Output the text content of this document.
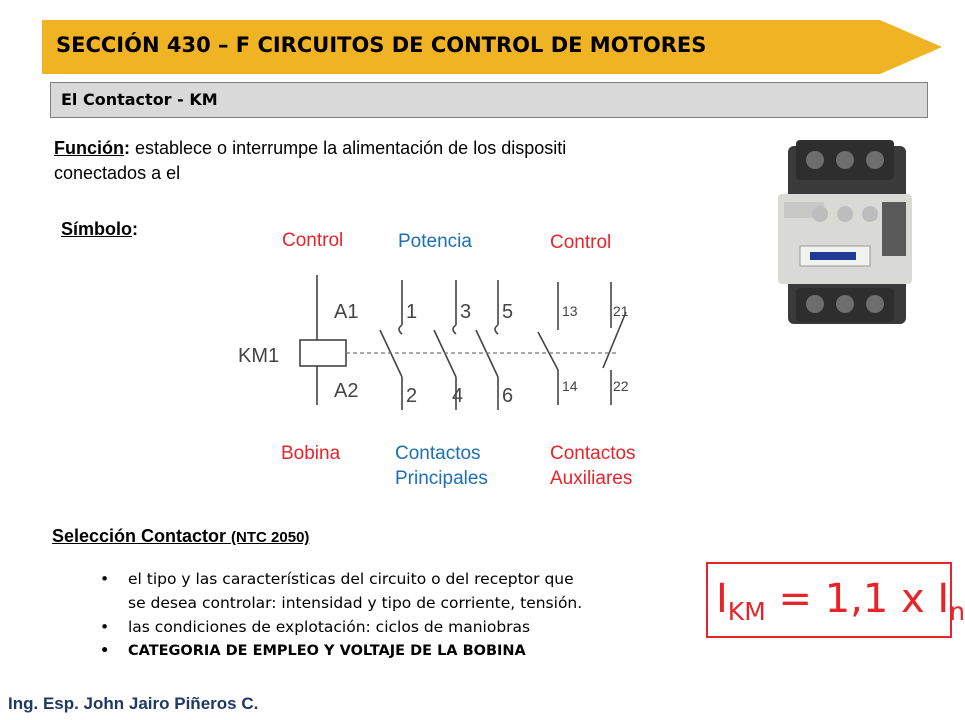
SECCIÓN 430 – F CIRCUITOS DE CONTROL DE MOTORES
El Contactor - KM
Función: establece o interrumpe la alimentación de los dispositi
conectados a el
Símbolo:
Control	Potencia	Control
A1
A2
KM1
1 3 5
2 4 6
13	21
14	22
Bobina	Contactos
Principales
Contactos
Auxiliares
Selección Contactor (NTC 2050)
• el tipo y las características del circuito o del receptor que
se desea controlar: intensidad y tipo de corriente, tensión.
• las condiciones de explotación: ciclos de maniobras
• CATEGORIA DE EMPLEO Y VOLTAJE DE LA BOBINA
$I_{KM} = 1,1$ x $I_n$
Ing. Esp. John Jairo Piñeros C.
